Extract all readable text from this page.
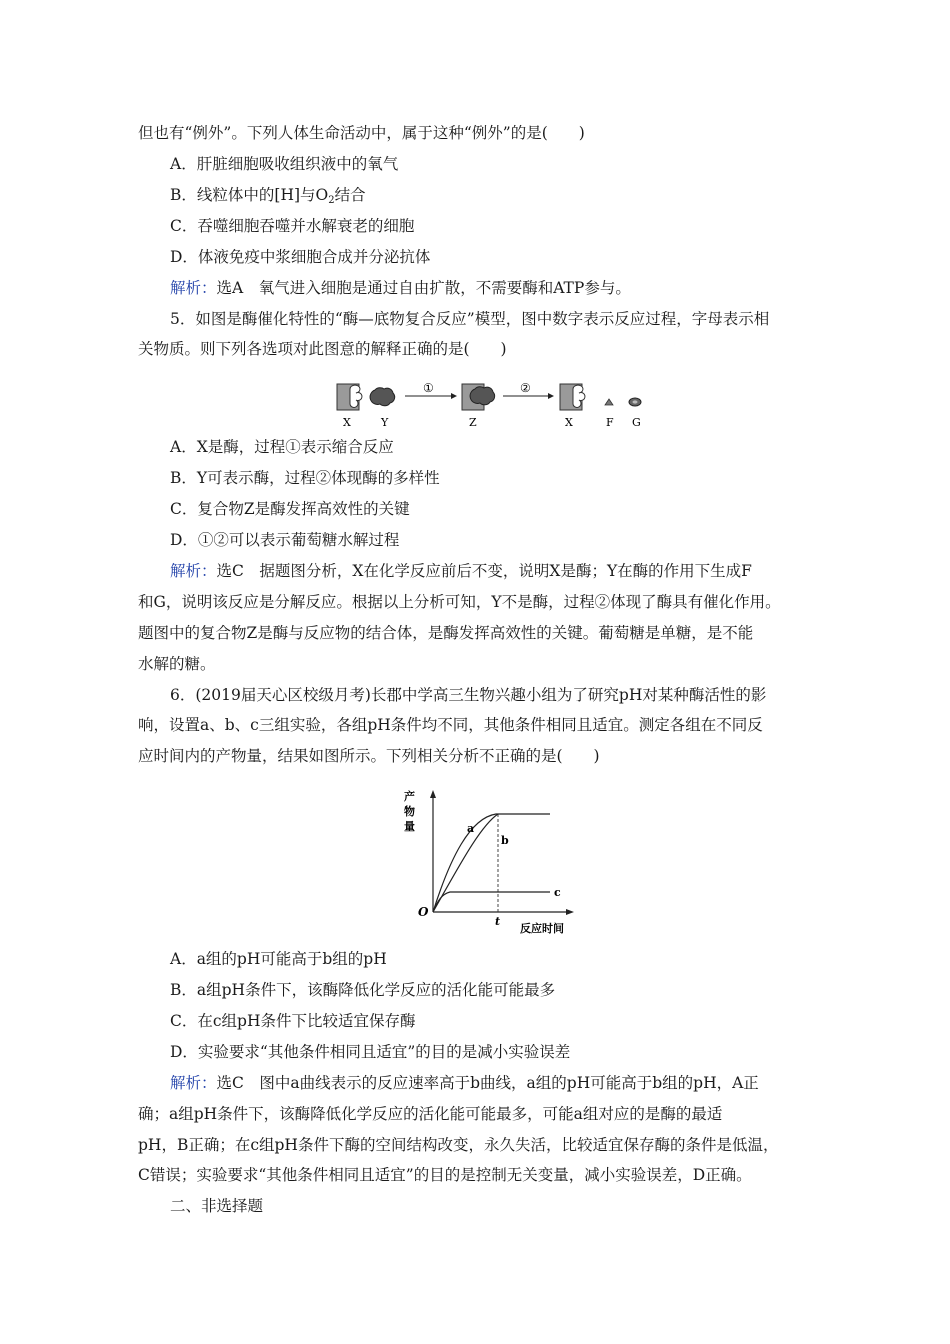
但也有“例外”。下列人体生命活动中，属于这种“例外”的是(　　)
A．肝脏细胞吸收组织液中的氧气
B．线粒体中的[H]与$O_2$结合
C．吞噬细胞吞噬并水解衰老的细胞
D．体液免疫中浆细胞合成并分泌抗体
解析：选A　氧气进入细胞是通过自由扩散，不需要酶和ATP参与。
5．如图是酶催化特性的“酶—底物复合反应”模型，图中数字表示反应过程，字母表示相
关物质。则下列各选项对此图意的解释正确的是(　　)
①	②
X	Y	Z	X	F G
A．X是酶，过程①表示缩合反应
B．Y可表示酶，过程②体现酶的多样性
C．复合物Z是酶发挥高效性的关键
D．①②可以表示葡萄糖水解过程
解析：选C　据题图分析，X在化学反应前后不变，说明X是酶；Y在酶的作用下生成F
和G，说明该反应是分解反应。根据以上分析可知，Y不是酶，过程②体现了酶具有催化作用。
题图中的复合物Z是酶与反应物的结合体，是酶发挥高效性的关键。葡萄糖是单糖，是不能
水解的糖。
6．(2019届天心区校级月考)长郡中学高三生物兴趣小组为了研究pH对某种酶活性的影
响，设置a、b、c三组实验，各组pH条件均不同，其他条件相同且适宜。测定各组在不同反
应时间内的产物量，结果如图所示。下列相关分析不正确的是(　　)
产
物
量
O
t
a
b
c
反应时间
A．a组的pH可能高于b组的pH
B．a组pH条件下，该酶降低化学反应的活化能可能最多
C．在c组pH条件下比较适宜保存酶
D．实验要求“其他条件相同且适宜”的目的是减小实验误差
解析：选C　图中a曲线表示的反应速率高于b曲线，a组的pH可能高于b组的pH，A正
确；a组pH条件下，该酶降低化学反应的活化能可能最多，可能a组对应的是酶的最适
pH，B正确；在c组pH条件下酶的空间结构改变，永久失活，比较适宜保存酶的条件是低温，
C错误；实验要求“其他条件相同且适宜”的目的是控制无关变量，减小实验误差，D正确。
二、非选择题
